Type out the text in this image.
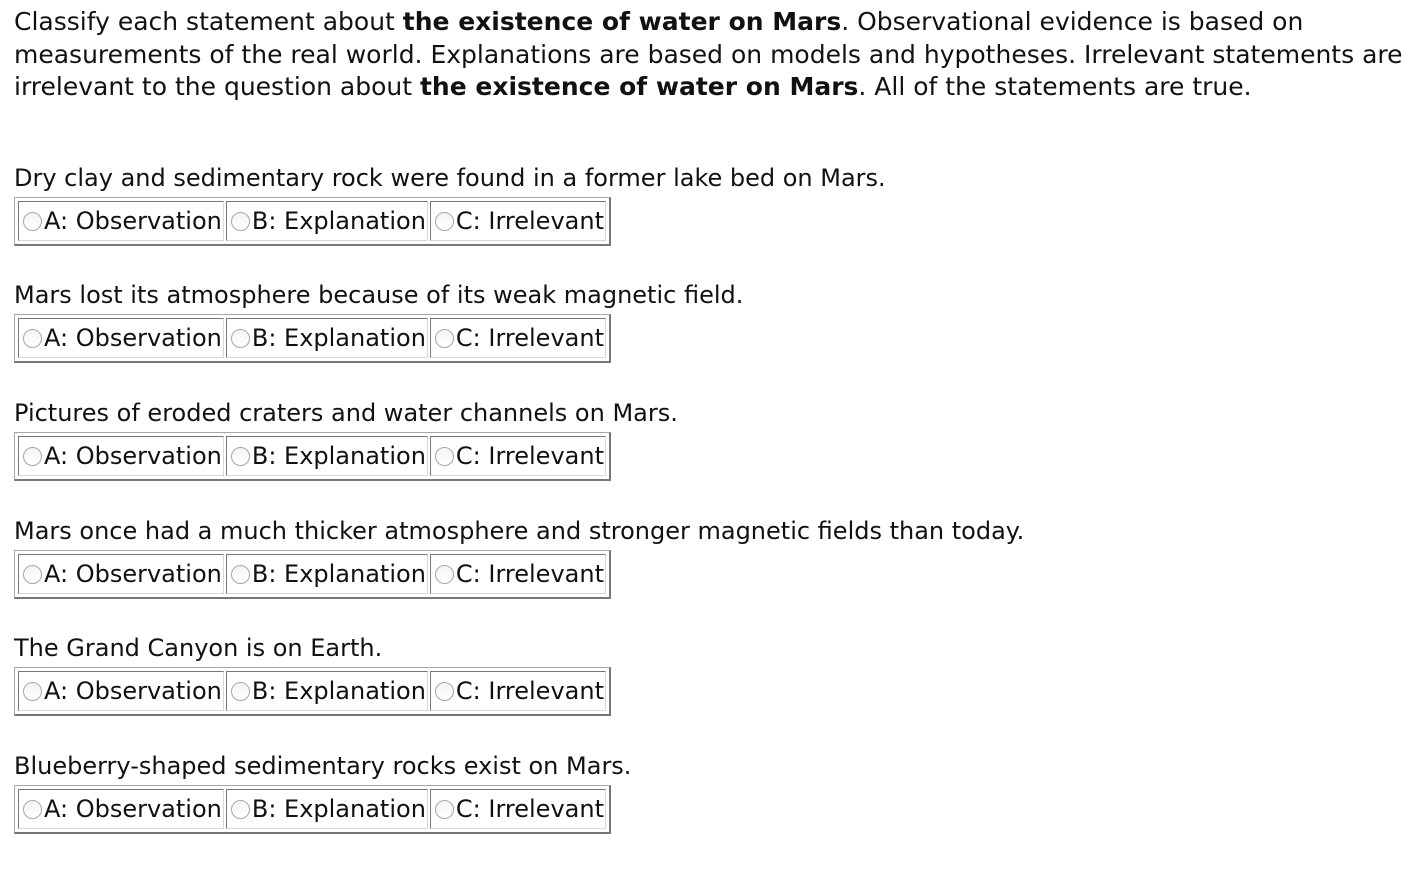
Classify each statement about the existence of water on Mars. Observational evidence is based on measurements of the real world. Explanations are based on models and hypotheses. Irrelevant statements are irrelevant to the question about the existence of water on Mars. All of the statements are true.

Dry clay and sedimentary rock were found in a former lake bed on Mars.

A: Observation	B: Explanation	C: Irrelevant

Mars lost its atmosphere because of its weak magnetic field.

A: Observation	B: Explanation	C: Irrelevant

Pictures of eroded craters and water channels on Mars.

A: Observation	B: Explanation	C: Irrelevant

Mars once had a much thicker atmosphere and stronger magnetic fields than today.

A: Observation	B: Explanation	C: Irrelevant

The Grand Canyon is on Earth.

A: Observation	B: Explanation	C: Irrelevant

Blueberry-shaped sedimentary rocks exist on Mars.

A: Observation	B: Explanation	C: Irrelevant
